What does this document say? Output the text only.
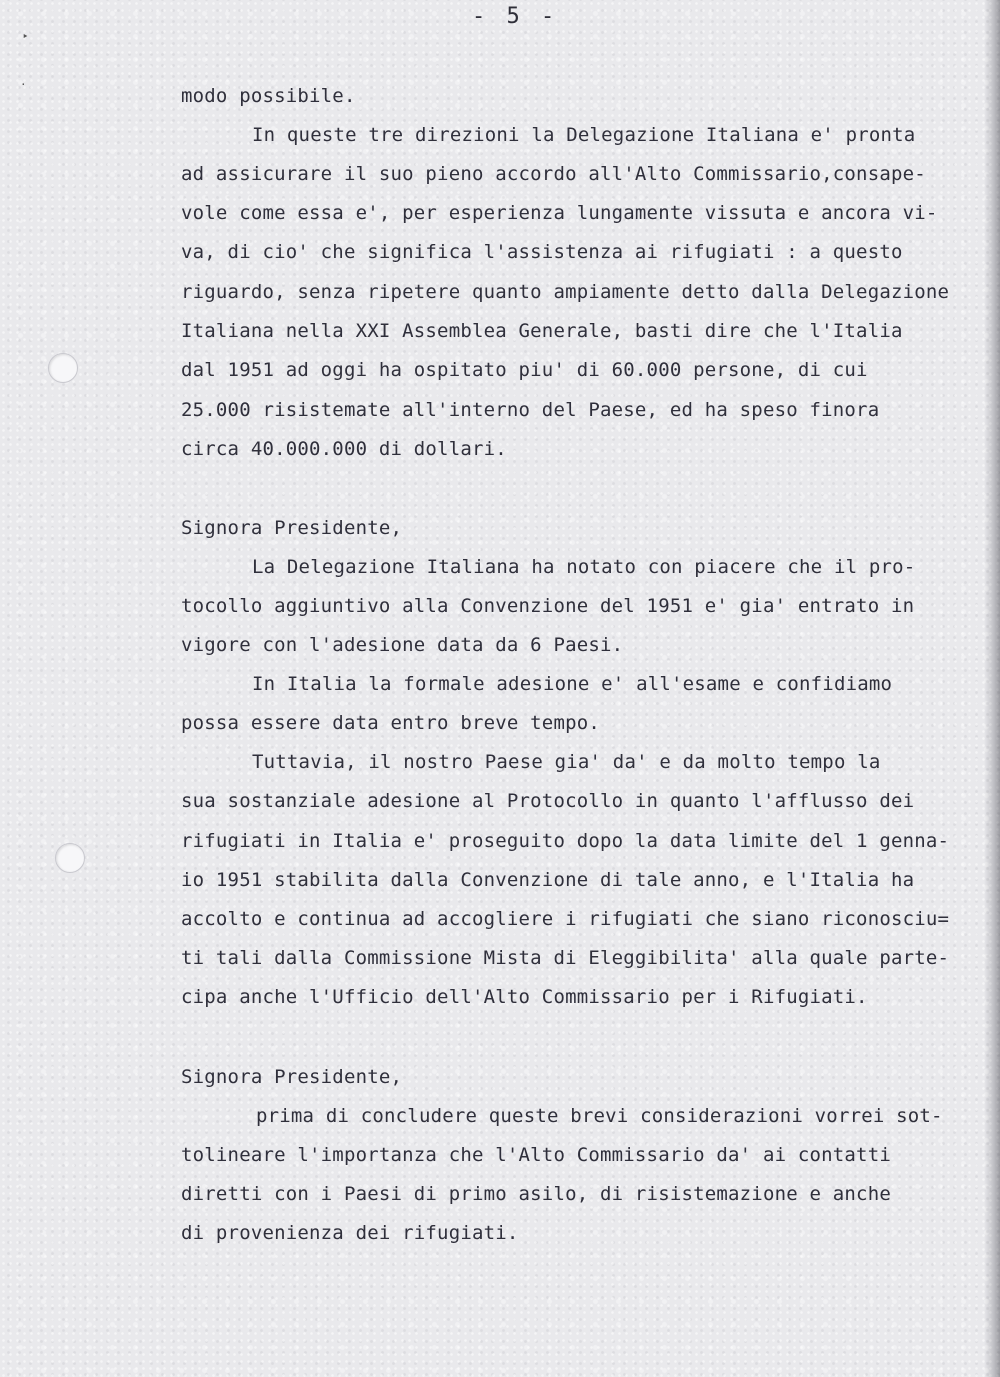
‣
·
- 5 -
modo possibile.
In queste tre direzioni la Delegazione Italiana e' pronta
ad assicurare il suo pieno accordo all'Alto Commissario,consape-
vole come essa e', per esperienza lungamente vissuta e ancora vi-
va, di cio' che significa l'assistenza ai rifugiati : a questo
riguardo, senza ripetere quanto ampiamente detto dalla Delegazione
Italiana nella XXI Assemblea Generale, basti dire che l'Italia
dal 1951 ad oggi ha ospitato piu' di 60.000 persone, di cui
25.000 risistemate all'interno del Paese, ed ha speso finora
circa 40.000.000 di dollari.
Signora Presidente,
La Delegazione Italiana ha notato con piacere che il pro-
tocollo aggiuntivo alla Convenzione del 1951 e' gia' entrato in
vigore con l'adesione data da 6 Paesi.
In Italia la formale adesione e' all'esame e confidiamo
possa essere data entro breve tempo.
Tuttavia, il nostro Paese gia' da' e da molto tempo la
sua sostanziale adesione al Protocollo in quanto l'afflusso dei
rifugiati in Italia e' proseguito dopo la data limite del 1 genna-
io 1951 stabilita dalla Convenzione di tale anno, e l'Italia ha
accolto e continua ad accogliere i rifugiati che siano riconosciu=
ti tali dalla Commissione Mista di Eleggibilita' alla quale parte-
cipa anche l'Ufficio dell'Alto Commissario per i Rifugiati.
Signora Presidente,
prima di concludere queste brevi considerazioni vorrei sot-
tolineare l'importanza che l'Alto Commissario da' ai contatti
diretti con i Paesi di primo asilo, di risistemazione e anche
di provenienza dei rifugiati.
